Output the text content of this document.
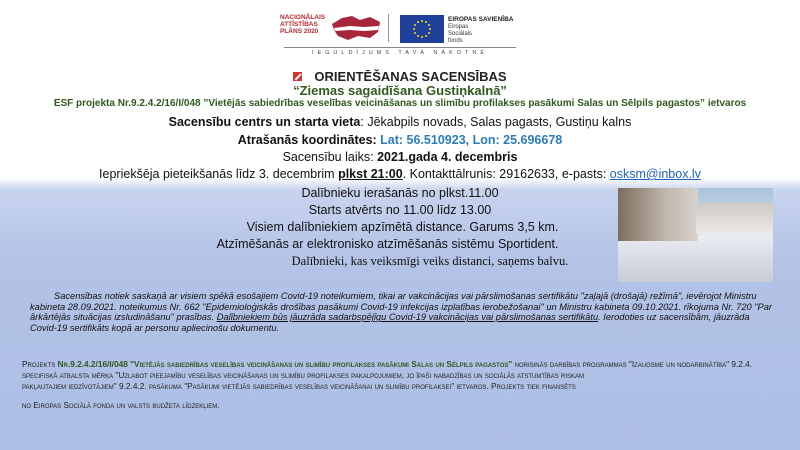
NACIONĀLAIS ATTĪSTĪBAS PLĀNS 2020
EIROPAS SAVIENĪBA
Eiropas Sociālais fonds
IEGULDĪJUMS TAVĀ NĀKOTNĒ
ORIENTĒŠANAS SACENSĪBAS
“Ziemas sagaidīšana Gustiņkalnā”
ESF projekta Nr.9.2.4.2/16/I/048 ”Vietējās sabiedrības veselības veicināšanas un slimību profilakses pasākumi Salas un Sēlpils pagastos” ietvaros
Sacensību centrs un starta vieta: Jēkabpils novads, Salas pagasts, Gustiņu kalns
Atrašanās koordinātes: Lat: 56.510923, Lon: 25.696678
Sacensību laiks: 2021.gada 4. decembris
Iepriekšēja pieteikšanās līdz 3. decembrim plkst 21:00. Kontakttālrunis: 29162633, e-pasts: osksm@inbox.lv
Dalībnieku ierašanās no plkst.11.00
Starts atvērts no 11.00 līdz 13.00
Visiem dalībniekiem apzīmētā distance. Garums 3,5 km.
Atzīmēšanās ar elektronisko atzīmēšanās sistēmu Sportident.
Dalībnieki, kas veiksmīgi veiks distanci, saņems balvu.
Sacensības notiek saskaņā ar visiem spēkā esošajiem Covid-19 noteikumiem, tikai ar vakcinācijas vai pārslimošanas sertifikātu "zaļajā (drošajā) režīmā", ievērojot Ministru kabineta 28.09.2021. noteikumus Nr. 662 "Epidemioloģiskās drošības pasākumi Covid-19 infekcijas izplatības ierobežošanai" un Ministru kabineta 09.10.2021. rīkojuma Nr. 720 "Par ārkārtējās situācijas izsludināšanu" prasības. Dalībniekiem būs jāuzrāda sadarbspējīgu Covid-19 vakcinācijas vai pārslimošanas sertifikātu. Ierodoties uz sacensībām, jāuzrāda Covid-19 sertifikāts kopā ar personu apliecinošu dokumentu.
Projekts Nr.9.2.4.2/16/I/048 "Vietējās sabiedrības veselības veicināšanas un slimību profilakses pasākumi Salas un Sēlpils pagastos" norisinās darbības programmas "Izaugsme un nodarbinātība" 9.2.4. specifiskā atbalsta mērķa "Uzlabot pieejamību veselības veicināšanas un slimību profilakses pakalpojumiem, jo īpaši nabadzības un sociālās atstumtības riskam
pakļautajiem iedzīvotājiem" 9.2.4.2. pasākuma "Pasākumi vietējās sabiedrības veselības veicināšanai un slimību profilaksei" ietvaros. Projekts tiek finansēts
no Eiropas Sociālā fonda un valsts budžeta līdzekļiem.
